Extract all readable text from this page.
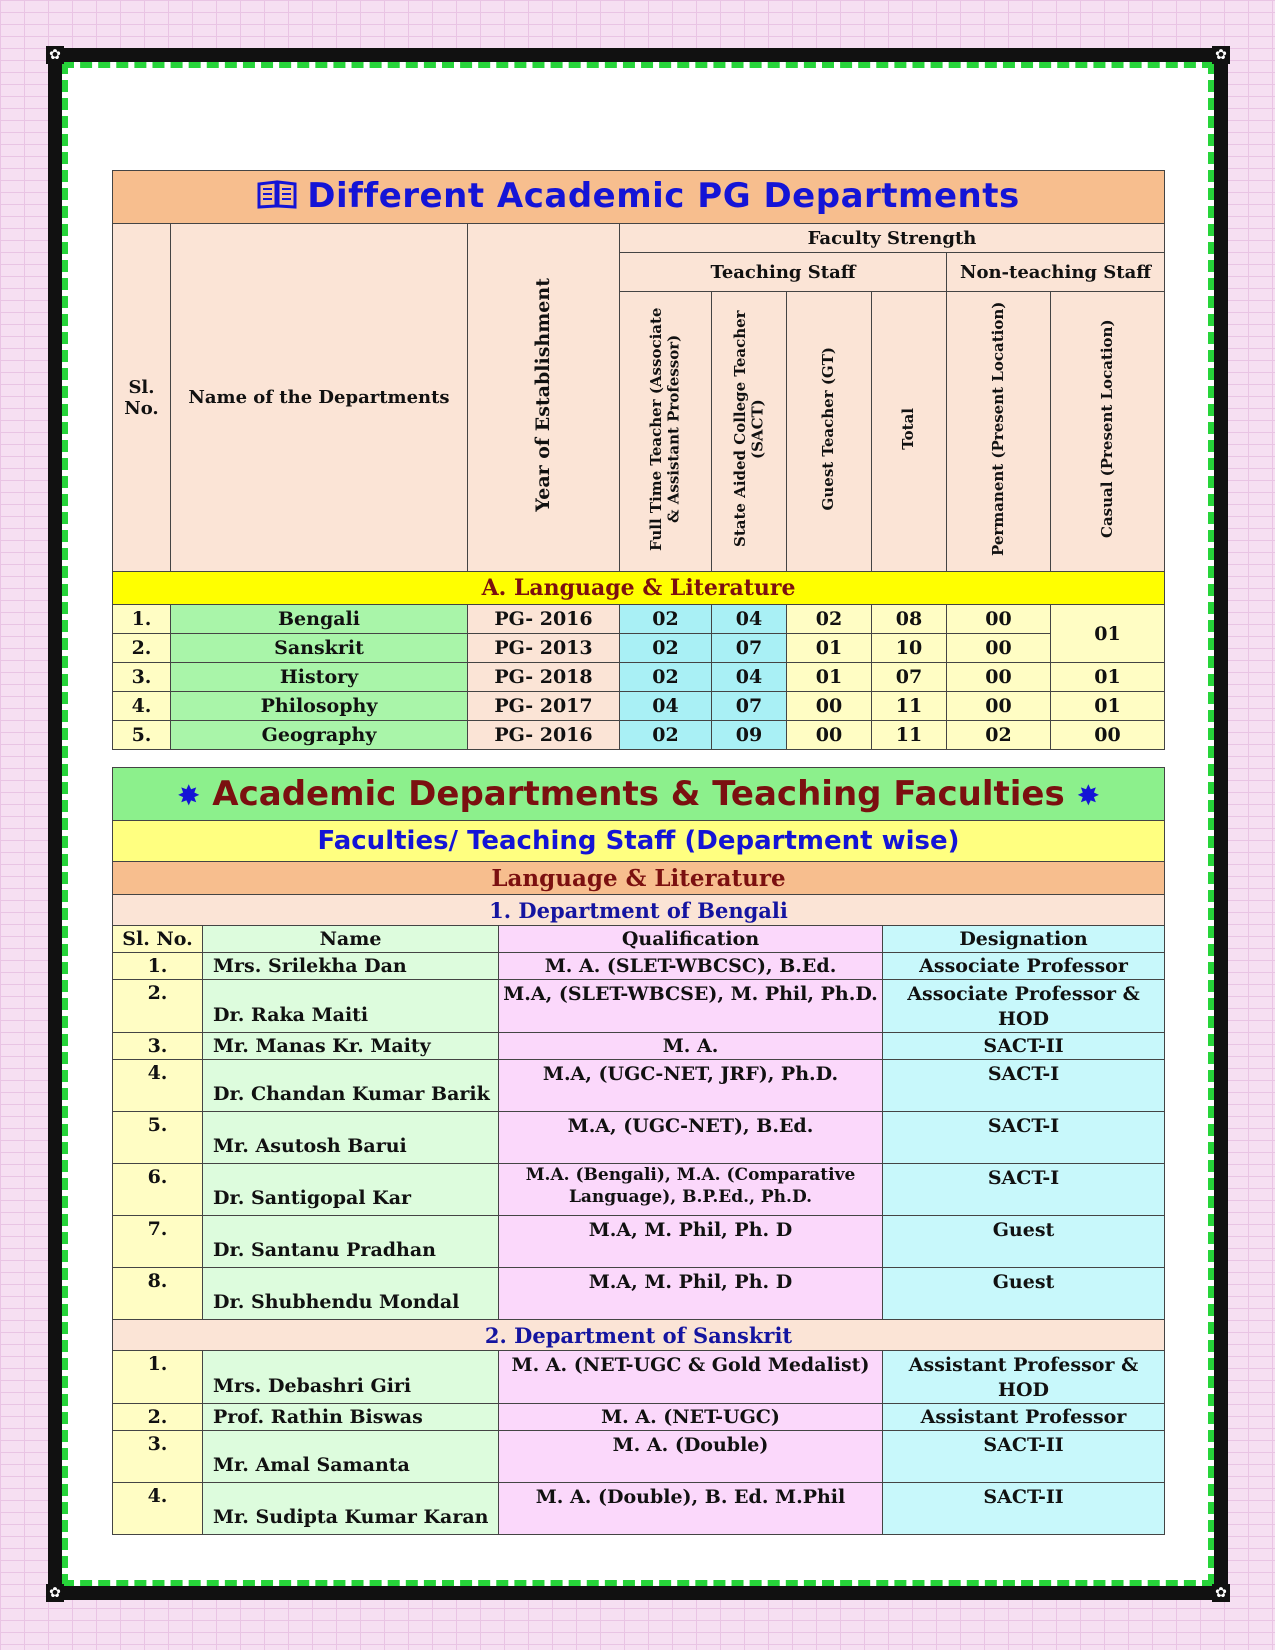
✿	✿
✿	✿
Different Academic PG Departments								
Sl. No.	Name of the Departments	Year of Establishment	Faculty Strength					
			Teaching Staff				Non-teaching Staff	
			Full Time Teacher (Associate & Assistant Professor)	State Aided College Teacher (SACT)	Guest Teacher (GT)	Total	Permanent (Present Location)	Casual (Present Location)
A. Language & Literature								
1.	Bengali	PG- 2016	02	04	02	08	00	01
2.	Sanskrit	PG- 2013	02	07	01	10	00	
3.	History	PG- 2018	02	04	01	07	00	01
4.	Philosophy	PG- 2017	04	07	00	11	00	01
5.	Geography	PG- 2016	02	09	00	11	02	00
✸ Academic Departments & Teaching Faculties ✸			
Faculties/ Teaching Staff (Department wise)			
Language & Literature			
1. Department of Bengali			
Sl. No.	Name	Qualification	Designation
1.	Mrs. Srilekha Dan	M. A. (SLET-WBCSC), B.Ed.	Associate Professor
2.	Dr. Raka Maiti	M.A, (SLET-WBCSE), M. Phil, Ph.D.	Associate Professor & HOD
3.	Mr. Manas Kr. Maity	M. A.	SACT-II
4.	Dr. Chandan Kumar Barik	M.A, (UGC-NET, JRF), Ph.D.	SACT-I
5.	Mr. Asutosh Barui	M.A, (UGC-NET), B.Ed.	SACT-I
6.	Dr. Santigopal Kar	M.A. (Bengali), M.A. (Comparative Language), B.P.Ed., Ph.D.	SACT-I
7.	Dr. Santanu Pradhan	M.A, M. Phil, Ph. D	Guest
8.	Dr. Shubhendu Mondal	M.A, M. Phil, Ph. D	Guest
2. Department of Sanskrit			
1.	Mrs. Debashri Giri	M. A. (NET-UGC & Gold Medalist)	Assistant Professor & HOD
2.	Prof. Rathin Biswas	M. A. (NET-UGC)	Assistant Professor
3.	Mr. Amal Samanta	M. A. (Double)	SACT-II
4.	Mr. Sudipta Kumar Karan	M. A. (Double), B. Ed. M.Phil	SACT-II
